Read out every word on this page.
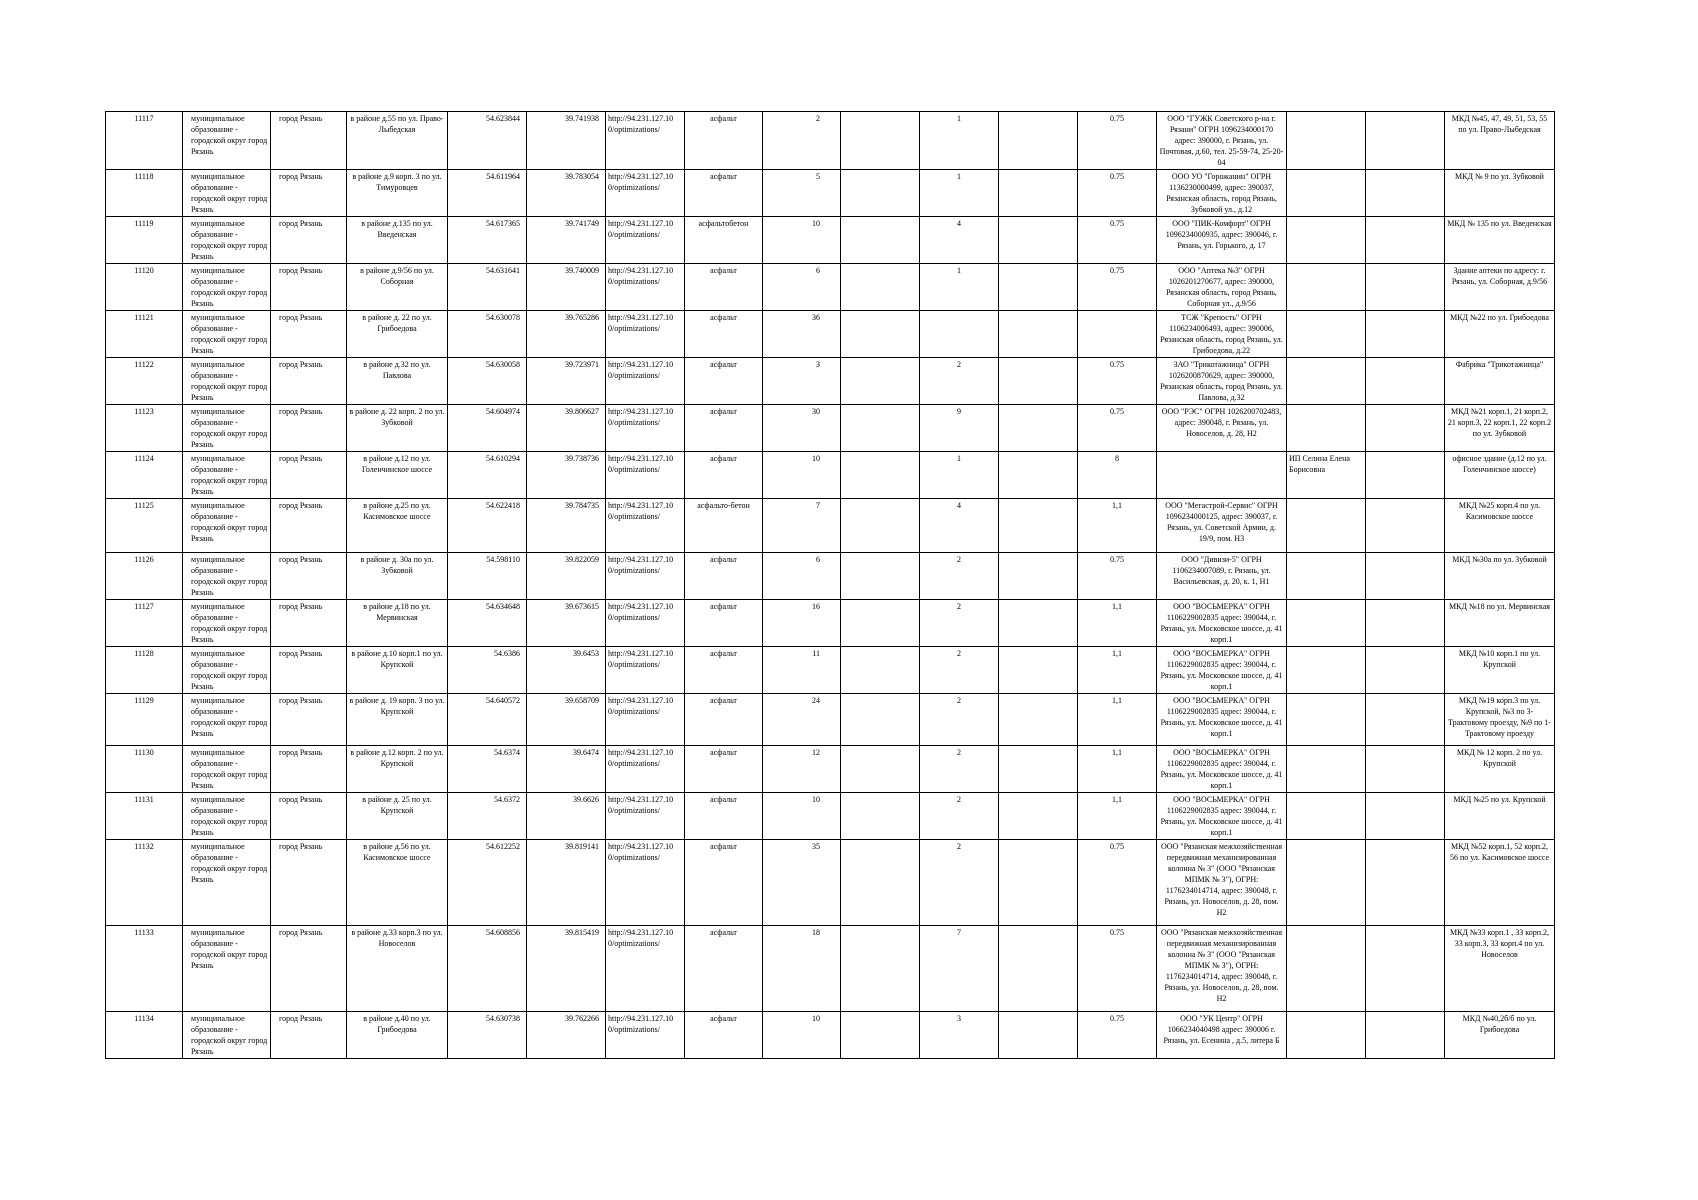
11117	муниципальное образование - городской округ город Рязань	город Рязань	в районе д.55 по ул. Право-Лыбедская	54.623844	39.741938	http://94.231.127.10 0/optimizations/	асфальт	2		1		0.75	ООО "ГУЖК Советского р-на г. Рязани" ОГРН 1096234000170 адрес: 390000, г. Рязань, ул. Почтовая, д.60, тел. 25-59-74, 25-20-04			МКД №45, 47, 49, 51, 53, 55 по ул. Право-Лыбедская
11118	муниципальное образование - городской округ город Рязань	город Рязань	в районе д.9 корп. 3 по ул. Тимуровцев	54.611964	39.783054	http://94.231.127.10 0/optimizations/	асфальт	5		1		0.75	ООО УО "Горожанин" ОГРН 1136230000499, адрес: 390037, Рязанская область, город Рязань, Зубковой ул., д.12			МКД № 9 по ул. Зубковой
11119	муниципальное образование - городской округ город Рязань	город Рязань	в районе д.135 по ул. Введенская	54.617365	39.741749	http://94.231.127.10 0/optimizations/	асфальтобетон	10		4		0.75	ООО "ПИК-Комфорт" ОГРН 1096234000935, адрес: 390046, г. Рязань, ул. Горького, д. 17			МКД № 135 по ул. Введенская
11120	муниципальное образование - городской округ город Рязань	город Рязань	в районе д.9/56 по ул. Соборная	54.631641	39.740009	http://94.231.127.10 0/optimizations/	асфальт	6		1		0.75	ООО "Аптека №3" ОГРН 1026201270677, адрес: 390000, Рязанская область, город Рязань, Соборная ул., д.9/56			Здание аптеки по адресу: г. Рязань, ул. Соборная, д.9/56
11121	муниципальное образование - городской округ город Рязань	город Рязань	в районе д. 22 по ул. Грибоедова	54.630078	39.765286	http://94.231.127.10 0/optimizations/	асфальт	36					ТСЖ "Крепость" ОГРН 1106234006493, адрес: 390006, Рязанская область, город Рязань, ул. Грибоедова, д.22			МКД №22 по ул. Грибоедова
11122	муниципальное образование - городской округ город Рязань	город Рязань	в районе д.32 по ул. Павлова	54.630058	39.723971	http://94.231.127.10 0/optimizations/	асфальт	3		2		0.75	ЗАО "Трикотажница" ОГРН 1026200870629, адрес: 390000, Рязанская область, город Рязань, ул. Павлова, д.32			Фабрика "Трикотажница"
11123	муниципальное образование - городской округ город Рязань	город Рязань	в районе д. 22 корп. 2 по ул. Зубковой	54.604974	39.806627	http://94.231.127.10 0/optimizations/	асфальт	30		9		0.75	ООО "РЭС" ОГРН 1026200702483, адрес: 390048, г. Рязань, ул. Новоселов, д. 28, Н2			МКД №21 корп.1, 21 корп.2, 21 корп.3, 22 корп.1, 22 корп.2 по ул. Зубковой
11124	муниципальное образование - городской округ город Рязань	город Рязань	в районе д.12 по ул. Голенчинское шоссе	54.610294	39.738736	http://94.231.127.10 0/optimizations/	асфальт	10		1		8		ИП Селина Елена Борисовна		офисное здание (д.12 по ул. Голенчинское шоссе)
11125	муниципальное образование - городской округ город Рязань	город Рязань	в районе д.25 по ул. Касимовское шоссе	54.622418	39.784735	http://94.231.127.10 0/optimizations/	асфальто-бетон	7		4		1,1	ООО "Мегастрой-Сервис" ОГРН 1096234000125, адрес: 390037, г. Рязань, ул. Советской Армии, д. 19/9, пом. Н3			МКД №25 корп.4 по ул. Касимовское шоссе
11126	муниципальное образование - городской округ город Рязань	город Рязань	в районе д. 30а по ул. Зубковой	54.598110	39.822059	http://94.231.127.10 0/optimizations/	асфальт	6		2		0.75	ООО "Дивизи-5" ОГРН 1106234007089, г. Рязань, ул. Васильевская, д. 20, к. 1, Н1			МКД №30а по ул. Зубковой
11127	муниципальное образование - городской округ город Рязань	город Рязань	в районе д.18 по ул. Мервинская	54.634648	39.673615	http://94.231.127.10 0/optimizations/	асфальт	16		2		1,1	ООО "ВОСЬМЕРКА" ОГРН 1106229002835 адрес: 390044, г. Рязань, ул. Московское шоссе, д. 41 корп.1			МКД №18 по ул. Мервинская
11128	муниципальное образование - городской округ город Рязань	город Рязань	в районе д.10 корп.1 по ул. Крупской	54.6386	39.6453	http://94.231.127.10 0/optimizations/	асфальт	11		2		1,1	ООО "ВОСЬМЕРКА" ОГРН 1106229002835 адрес: 390044, г. Рязань, ул. Московское шоссе, д. 41 корп.1			МКД №10 корп.1 по ул. Крупской
11129	муниципальное образование - городской округ город Рязань	город Рязань	в районе д. 19 корп. 3 по ул. Крупской	54.640572	39.658709	http://94.231.127.10 0/optimizations/	асфальт	24		2		1,1	ООО "ВОСЬМЕРКА" ОГРН 1106229002835 адрес: 390044, г. Рязань, ул. Московское шоссе, д. 41 корп.1			МКД №19 корп.3 по ул. Крупской, №3 по 3-Трактовому проезду, №9 по 1-Трактовому проезду
11130	муниципальное образование - городской округ город Рязань	город Рязань	в районе д.12 корп. 2 по ул. Крупской	54.6374	39.6474	http://94.231.127.10 0/optimizations/	асфальт	12		2		1,1	ООО "ВОСЬМЕРКА" ОГРН 1106229002835 адрес: 390044, г. Рязань, ул. Московское шоссе, д. 41 корп.1			МКД № 12 корп. 2 по ул. Крупской
11131	муниципальное образование - городской округ город Рязань	город Рязань	в районе д. 25 по ул. Крупской	54.6372	39.6626	http://94.231.127.10 0/optimizations/	асфальт	10		2		1,1	ООО "ВОСЬМЕРКА" ОГРН 1106229002835 адрес: 390044, г. Рязань, ул. Московское шоссе, д. 41 корп.1			МКД №25 по ул. Крупской
11132	муниципальное образование - городской округ город Рязань	город Рязань	в районе д.56 по ул. Касимовское шоссе	54.612252	39.819141	http://94.231.127.10 0/optimizations/	асфальт	35		2		0.75	ООО "Рязанская межхозяйственная передвижная механизированная колонна № 3" (ООО "Рязанская МПМК № 3"), ОГРН: 1176234014714, адрес: 390048, г. Рязань, ул. Новоселов, д. 28, пом. Н2			МКД №52 корп.1, 52 корп.2, 56 по ул. Касимовское шоссе
11133	муниципальное образование - городской округ город Рязань	город Рязань	в районе д.33 корп.3 по ул. Новоселов	54.608856	39.815419	http://94.231.127.10 0/optimizations/	асфальт	18		7		0.75	ООО "Рязанская межхозяйственная передвижная механизированная колонна № 3" (ООО "Рязанская МПМК № 3"), ОГРН: 1176234014714, адрес: 390048, г. Рязань, ул. Новоселов, д. 28, пом. Н2			МКД №33 корп.1 , 33 корп.2, 33 корп.3, 33 корп.4 по ул. Новоселов
11134	муниципальное образование - городской округ город Рязань	город Рязань	в районе д.40 по ул. Грибоедова	54.630738	39.762266	http://94.231.127.10 0/optimizations/	асфальт	10		3		0.75	ООО "УК Центр" ОГРН 1066234040498 адрес: 390006 г. Рязань, ул. Есенина , д.5, литера Б			МКД №40,2б/б по ул. Грибоедова
